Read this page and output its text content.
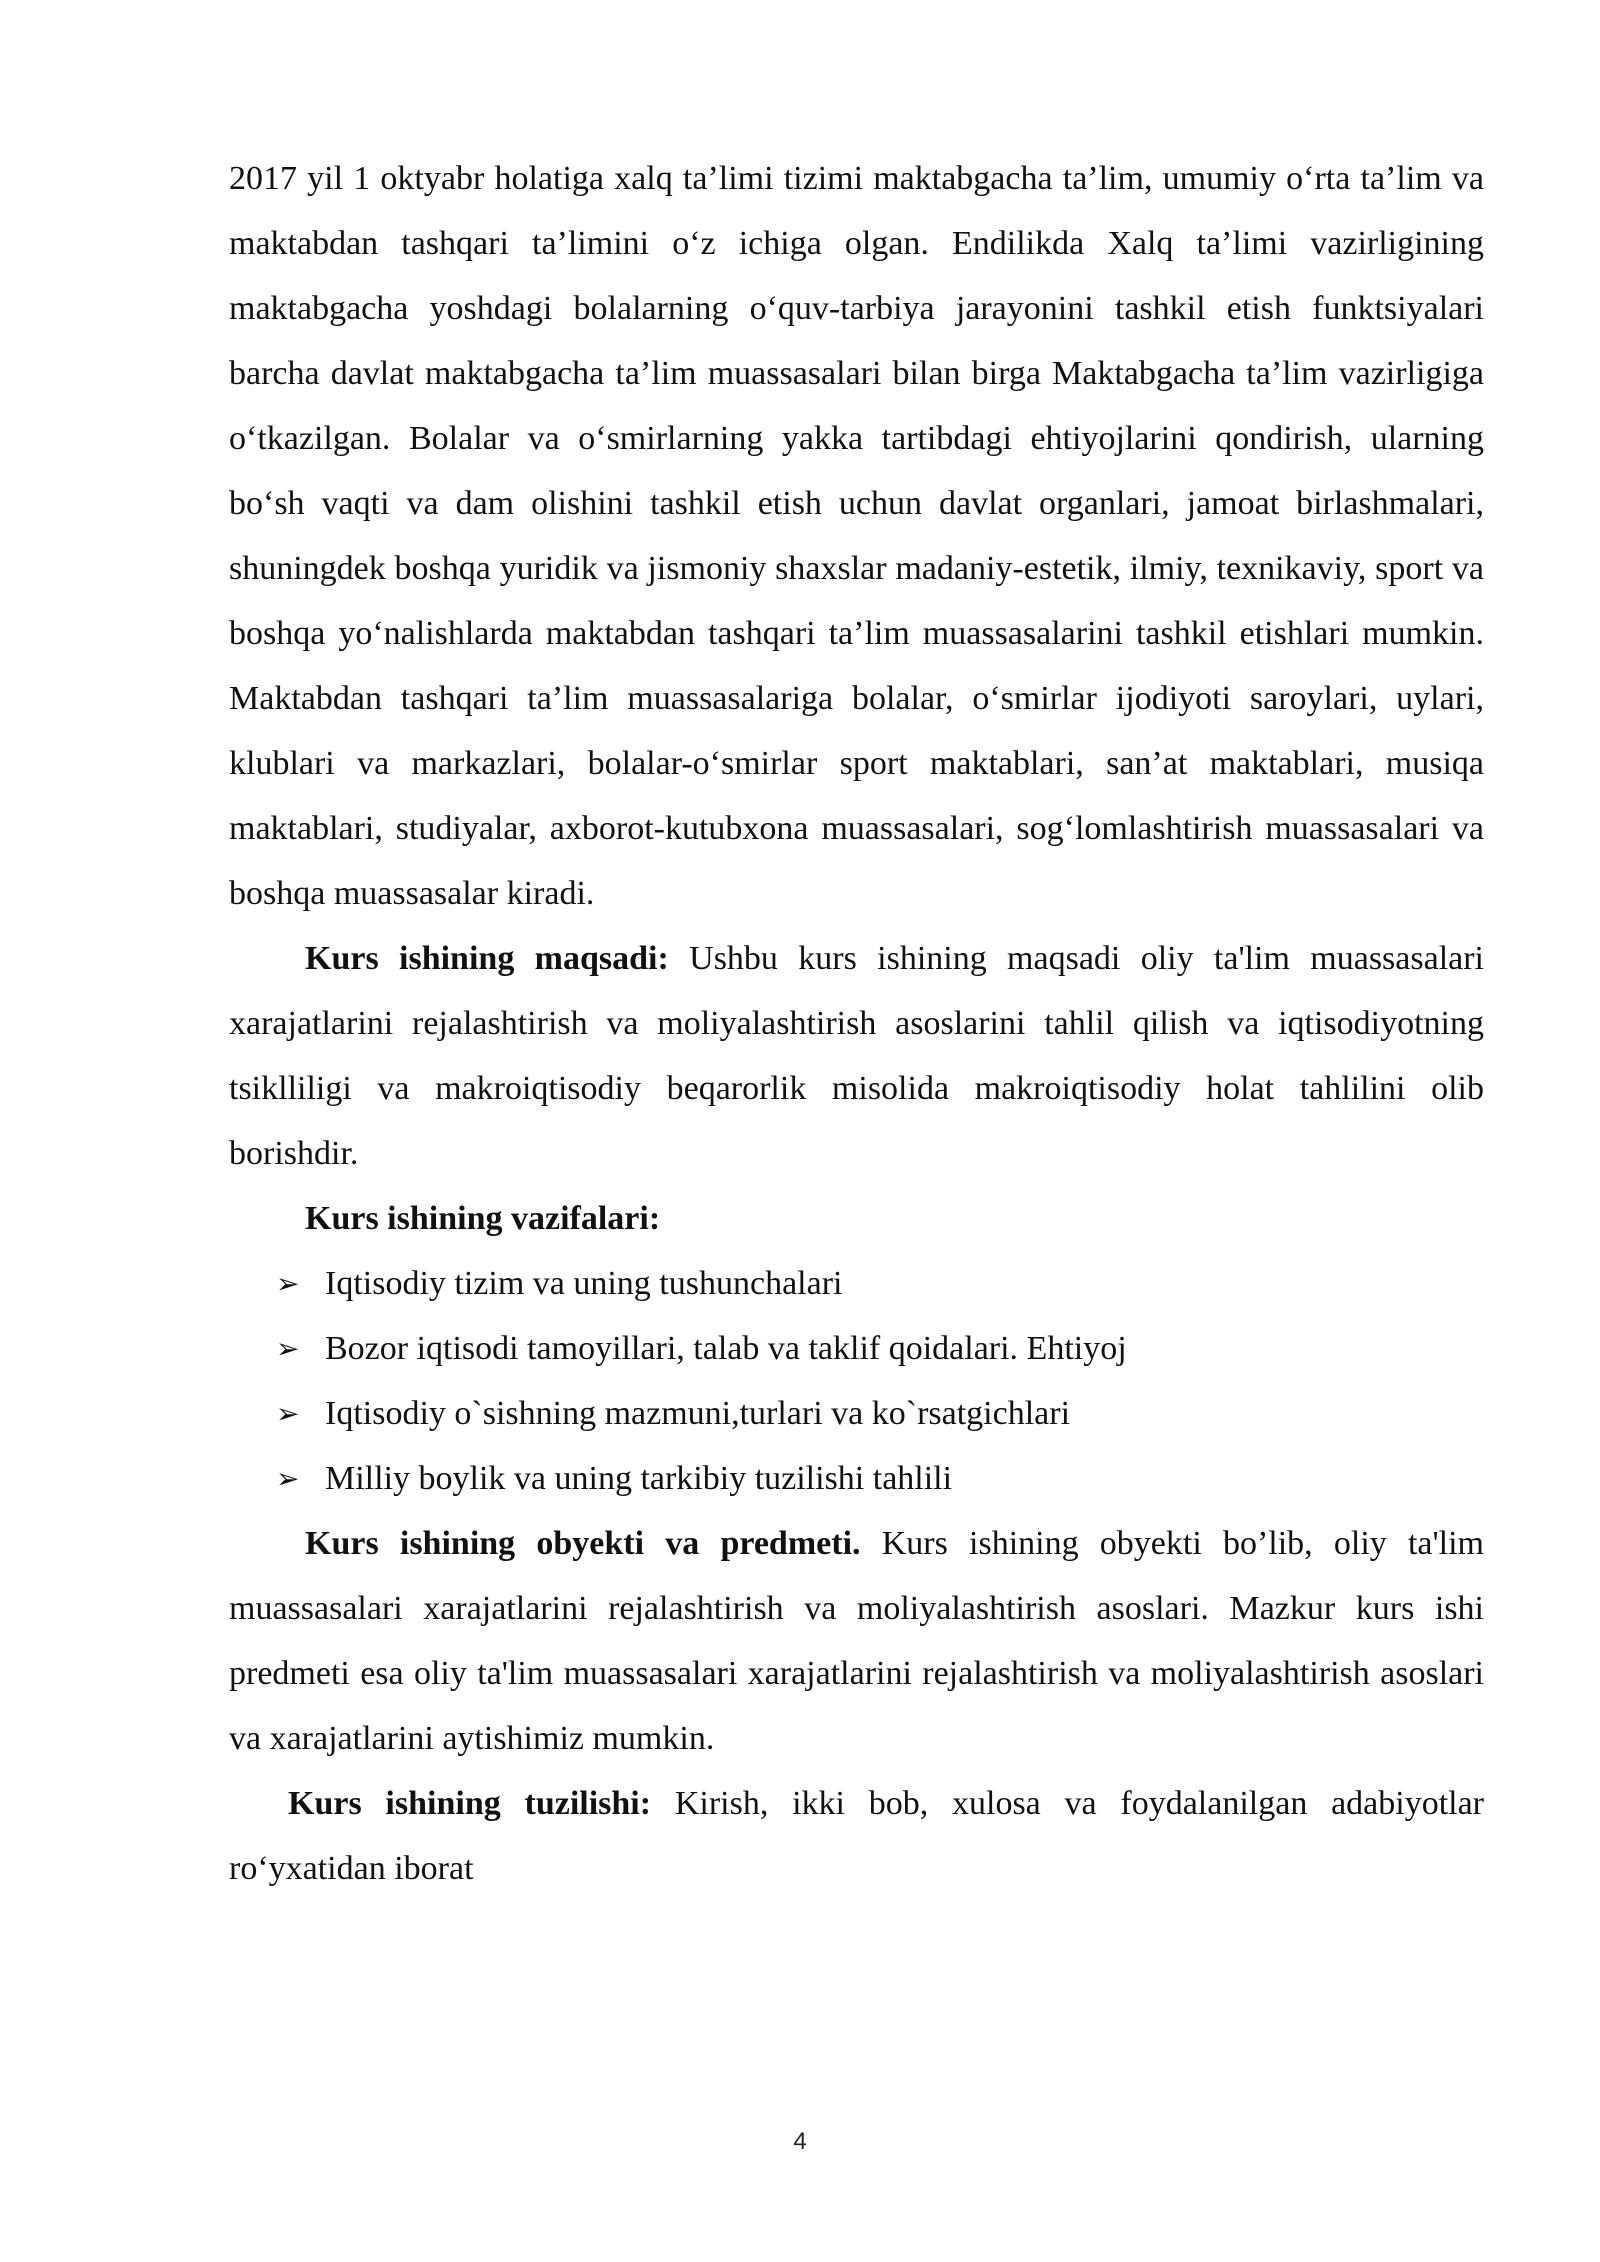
2017 yil 1 oktyabr holatiga xalq ta’limi tizimi maktabgacha ta’lim, umumiy oʻrta ta’lim va maktabdan tashqari ta’limini oʻz ichiga olgan. Endilikda Xalq ta’limi vazirligining maktabgacha yoshdagi bolalarning oʻquv-tarbiya jarayonini tashkil etish funktsiyalari barcha davlat maktabgacha ta’lim muassasalari bilan birga Maktabgacha ta’lim vazirligiga oʻtkazilgan. Bolalar va oʻsmirlarning yakka tartibdagi ehtiyojlarini qondirish, ularning boʻsh vaqti va dam olishini tashkil etish uchun davlat organlari, jamoat birlashmalari, shuningdek boshqa yuridik va jismoniy shaxslar madaniy-estetik, ilmiy, texnikaviy, sport va boshqa yoʻnalishlarda maktabdan tashqari ta’lim muassasalarini tashkil etishlari mumkin. Maktabdan tashqari ta’lim muassasalariga bolalar, oʻsmirlar ijodiyoti saroylari, uylari, klublari va markazlari, bolalar-oʻsmirlar sport maktablari, san’at maktablari, musiqa maktablari, studiyalar, axborot-kutubxona muassasalari, sogʻlomlashtirish muassasalari va boshqa muassasalar kiradi.

Kurs ishining maqsadi: Ushbu kurs ishining maqsadi oliy ta'lim muassasalari xarajatlarini rejalashtirish va moliyalashtirish asoslarini tahlil qilish va iqtisodiyotning tsiklliligi va makroiqtisodiy beqarorlik misolida makroiqtisodiy holat tahlilini olib borishdir.

Kurs ishining vazifalari:

➢ Iqtisodiy tizim va uning tushunchalari
➢ Bozor iqtisodi tamoyillari, talab va taklif qoidalari. Ehtiyoj
➢ Iqtisodiy o`sishning mazmuni,turlari va ko`rsatgichlari
➢ Milliy boylik va uning tarkibiy tuzilishi tahlili

Kurs ishining obyekti va predmeti. Kurs ishining obyekti bo’lib, oliy ta'lim muassasalari xarajatlarini rejalashtirish va moliyalashtirish asoslari. Mazkur kurs ishi predmeti esa oliy ta'lim muassasalari xarajatlarini rejalashtirish va moliyalashtirish asoslari va xarajatlarini aytishimiz mumkin.

Kurs ishining tuzilishi: Kirish, ikki bob, xulosa va foydalanilgan adabiyotlar roʻyxatidan iborat

4
